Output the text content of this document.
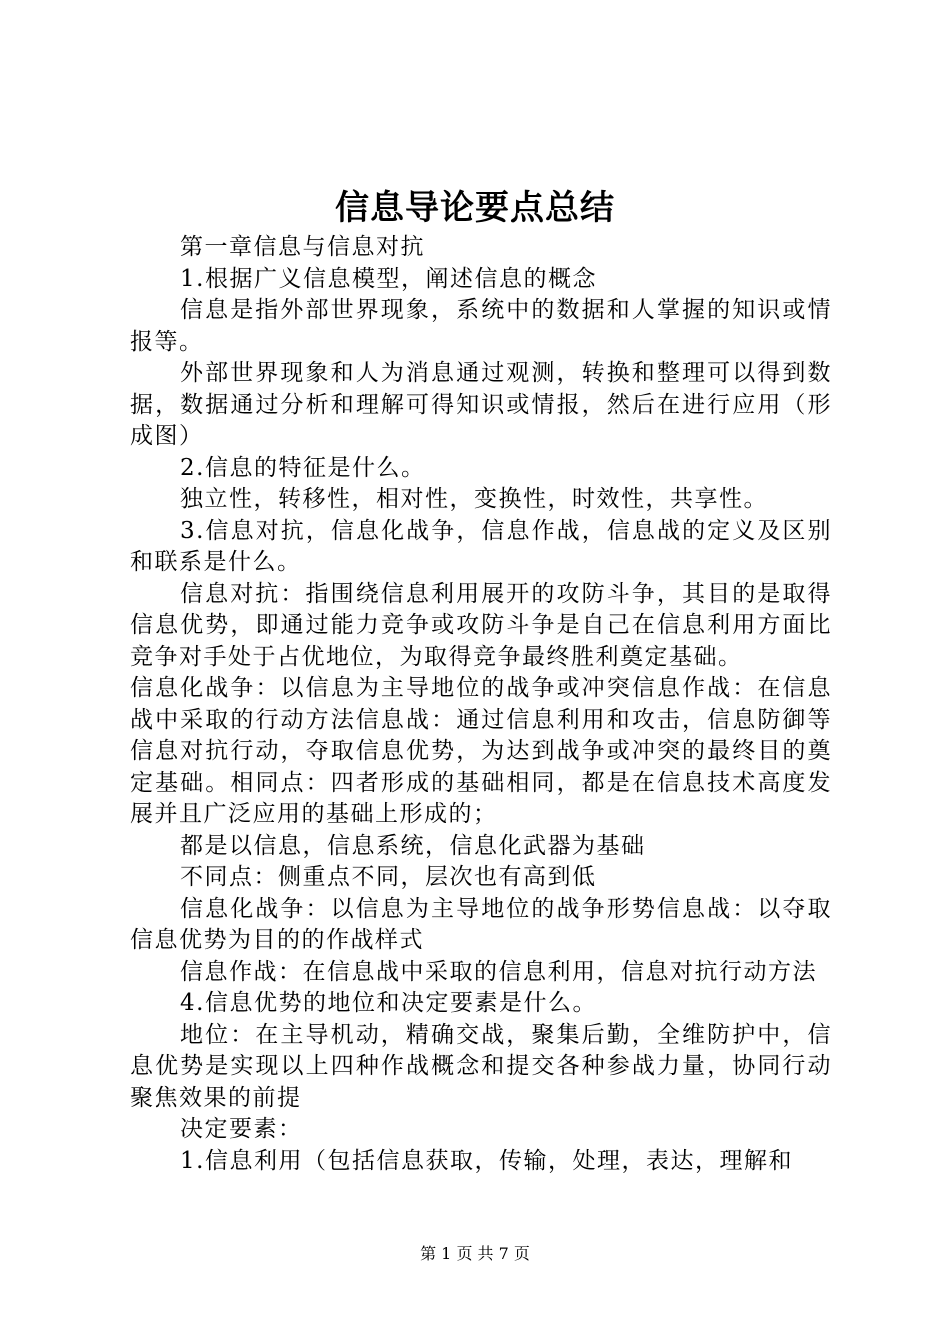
信息导论要点总结

第一章信息与信息对抗

1.根据广义信息模型，阐述信息的概念

信息是指外部世界现象，系统中的数据和人掌握的知识或情报等。

外部世界现象和人为消息通过观测，转换和整理可以得到数据，数据通过分析和理解可得知识或情报，然后在进行应用（形成图）

2.信息的特征是什么。

独立性，转移性，相对性，变换性，时效性，共享性。

3.信息对抗，信息化战争，信息作战，信息战的定义及区别和联系是什么。

信息对抗：指围绕信息利用展开的攻防斗争，其目的是取得信息优势，即通过能力竞争或攻防斗争是自己在信息利用方面比竞争对手处于占优地位，为取得竞争最终胜利奠定基础。

信息化战争：以信息为主导地位的战争或冲突信息作战：在信息战中采取的行动方法信息战：通过信息利用和攻击，信息防御等信息对抗行动，夺取信息优势，为达到战争或冲突的最终目的奠定基础。相同点：四者形成的基础相同，都是在信息技术高度发展并且广泛应用的基础上形成的；

都是以信息，信息系统，信息化武器为基础

不同点：侧重点不同，层次也有高到低

信息化战争：以信息为主导地位的战争形势信息战：以夺取信息优势为目的的作战样式

信息作战：在信息战中采取的信息利用，信息对抗行动方法

4.信息优势的地位和决定要素是什么。

地位：在主导机动，精确交战，聚集后勤，全维防护中，信息优势是实现以上四种作战概念和提交各种参战力量，协同行动聚焦效果的前提

决定要素：

1.信息利用（包括信息获取，传输，处理，表达，理解和

第 1 页 共 7 页
